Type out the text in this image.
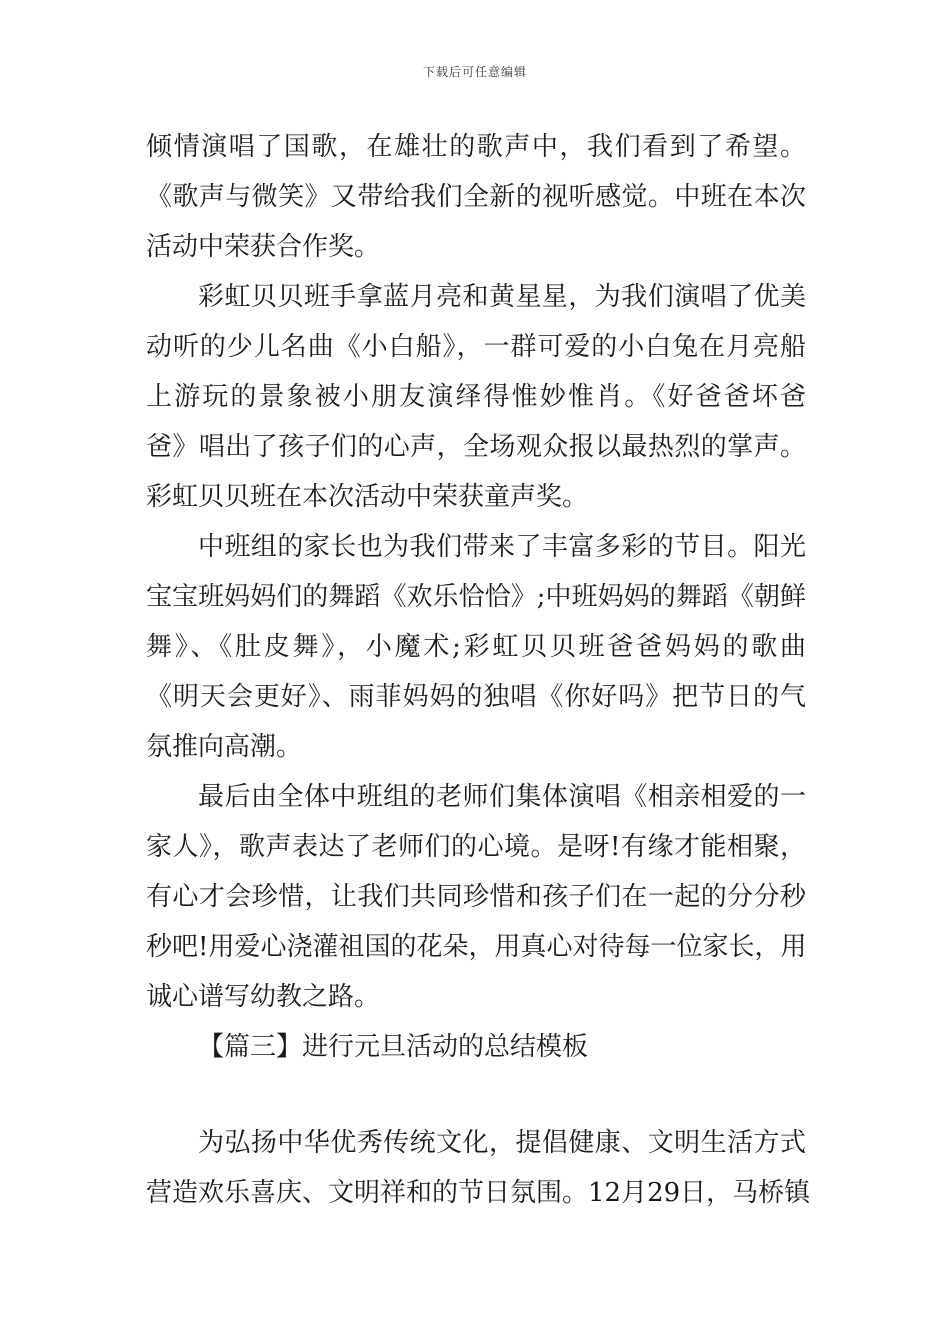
下载后可任意编辑
倾情演唱了国歌，在雄壮的歌声中，我们看到了希望。
《歌声与微笑》又带给我们全新的视听感觉。中班在本次
活动中荣获合作奖。
彩虹贝贝班手拿蓝月亮和黄星星，为我们演唱了优美
动听的少儿名曲《小白船》，一群可爱的小白兔在月亮船
上游玩的景象被小朋友演绎得惟妙惟肖。《好爸爸坏爸
爸》唱出了孩子们的心声，全场观众报以最热烈的掌声。
彩虹贝贝班在本次活动中荣获童声奖。
中班组的家长也为我们带来了丰富多彩的节目。阳光
宝宝班妈妈们的舞蹈《欢乐恰恰》;中班妈妈的舞蹈《朝鲜
舞》、《肚皮舞》，小魔术;彩虹贝贝班爸爸妈妈的歌曲
《明天会更好》、雨菲妈妈的独唱《你好吗》把节日的气
氛推向高潮。
最后由全体中班组的老师们集体演唱《相亲相爱的一
家人》，歌声表达了老师们的心境。是呀!有缘才能相聚，
有心才会珍惜，让我们共同珍惜和孩子们在一起的分分秒
秒吧!用爱心浇灌祖国的花朵，用真心对待每一位家长，用
诚心谱写幼教之路。
【篇三】进行元旦活动的总结模板
为弘扬中华优秀传统文化，提倡健康、文明生活方式
营造欢乐喜庆、文明祥和的节日氛围。12月29日，马桥镇
